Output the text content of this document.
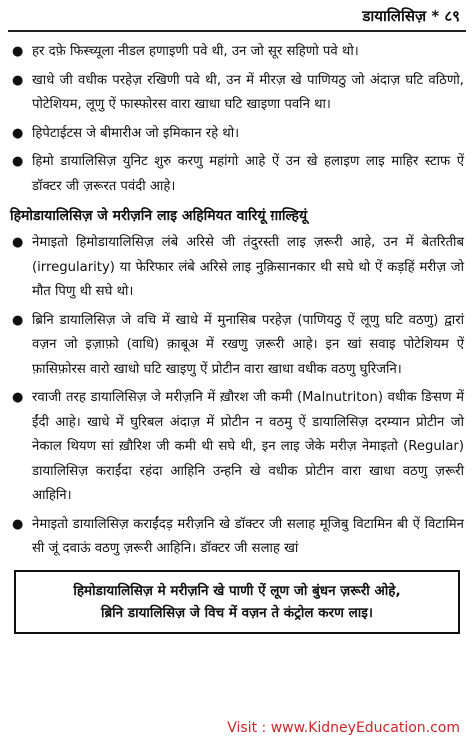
डायालिसिज़ * ८९
● हर दफ़े फिस्च्यूला नीडल हणाइणी पवे थी, उन जो सूर सहिणो पवे थो।
● खाधे जी वधीक परहेज़ रखिणी पवे थी, उन में मीरज़ खे पाणियठु जो अंदाज़ घटि वठिणो, पोटेशियम, लूणु ऐं फास्फोरस वारा खाधा घटि खाइणा पवनि था।
● हिपेटाईटस जे बीमारीअ जो इमिकान रहे थो।
● हिमो डायालिसिज़ युनिट शुरु करणु महांगो आहे ऐं उन खे हलाइण लाइ माहिर स्टाफ ऐं डॉक्टर जी ज़रूरत पवंदी आहे।
हिमोडायालिसिज़ जे मरीज़नि लाइ अहिमियत वारियूं ग़ाल्हियूं
● नेमाइतो हिमोडायालिसिज़ लंबे अरिसे जी तंदुरस्ती लाइ ज़रूरी आहे, उन में बेतरितीब (irregularity) या फेरिफार लंबे अरिसे लाइ नुक़िसानकार थी सघे थो ऐं कड़हिं मरीज़ जो मौत पिणु थी सघे थो।
● ब्रिनि डायालिसिज़ जे वचि में खाधे में मुनासिब परहेज़ (पाणियठु ऐं लूणु घटि वठणु) द्वारां वज़न जो इज़ाफ़ो (वाधि) क़ाबूअ में रखणु ज़रूरी आहे। इन खां सवाइ पोटेशियम ऐं फ़ासिफ़ोरस वारो खाधो घटि खाइणु ऐं प्रोटीन वारा खाधा वधीक वठणु घुरिजनि।
● रवाजी तरह डायालिसिज़ जे मरीज़नि में ख़ौरश जी कमी (Malnutriton) वधीक ङिसण में ईंदी आहे। खाधे में घुरिबल अंदाज़ में प्रोटीन न वठमु ऐं डायालिसिज़ दरम्यान प्रोटीन जो नेकाल थियण सां ख़ौरिश जी कमी थी सघे थी, इन लाइ जेके मरीज़ नेमाइतो (Regular) डायालिसिज़ कराईंदा रहंदा आहिनि उन्हनि खे वधीक प्रोटीन वारा खाधा वठणु ज़रूरी आहिनि।
● नेमाइतो डायालिसिज़ कराईंदड़ मरीज़नि खे डॉक्टर जी सलाह मूजिबु विटामिन बी ऐं विटामिन सी जूं दवाऊं वठणु ज़रूरी आहिनि। डॉक्टर जी सलाह खां
हिमोडायालिसिज़ मे मरीज़नि खे पाणी ऐं लूण जो बुंधन ज़रूरी ओहे,
ब्रिनि डायालिसिज़ जे विच में वज़न ते कंट्रोल करण लाइ।
Visit : www.KidneyEducation.com
